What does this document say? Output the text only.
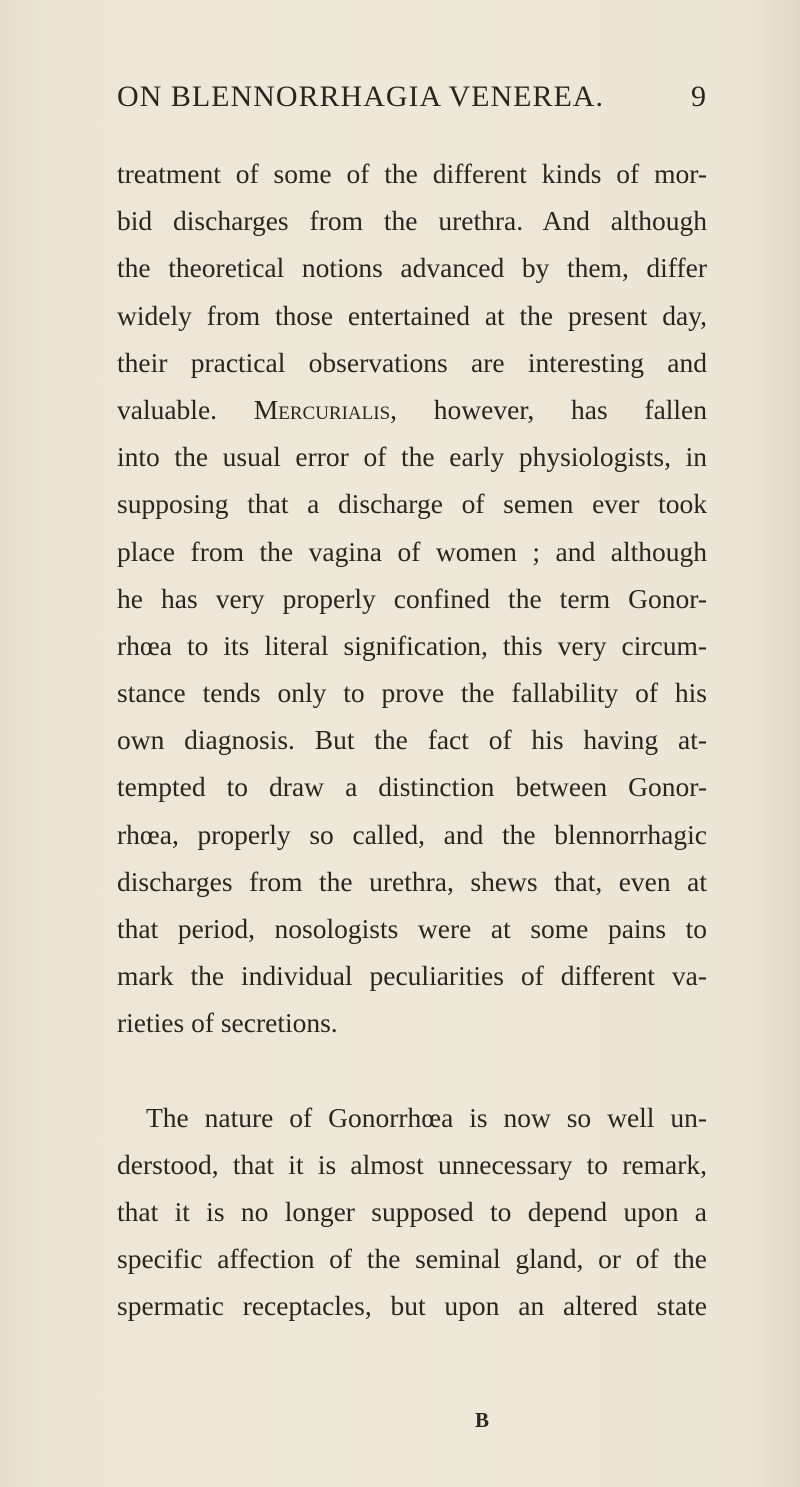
ON BLENNORRHAGIA VENEREA.	9
treatment of some of the different kinds of mor-
bid discharges from the urethra. And although
the theoretical notions advanced by them, differ
widely from those entertained at the present day,
their practical observations are interesting and
valuable. Mercurialis, however, has fallen
into the usual error of the early physiologists, in
supposing that a discharge of semen ever took
place from the vagina of women ; and although
he has very properly confined the term Gonor-
rhœa to its literal signification, this very circum-
stance tends only to prove the fallability of his
own diagnosis. But the fact of his having at-
tempted to draw a distinction between Gonor-
rhœa, properly so called, and the blennorrhagic
discharges from the urethra, shews that, even at
that period, nosologists were at some pains to
mark the individual peculiarities of different va-
rieties of secretions.
The nature of Gonorrhœa is now so well un-
derstood, that it is almost unnecessary to remark,
that it is no longer supposed to depend upon a
specific affection of the seminal gland, or of the
spermatic receptacles, but upon an altered state
B
